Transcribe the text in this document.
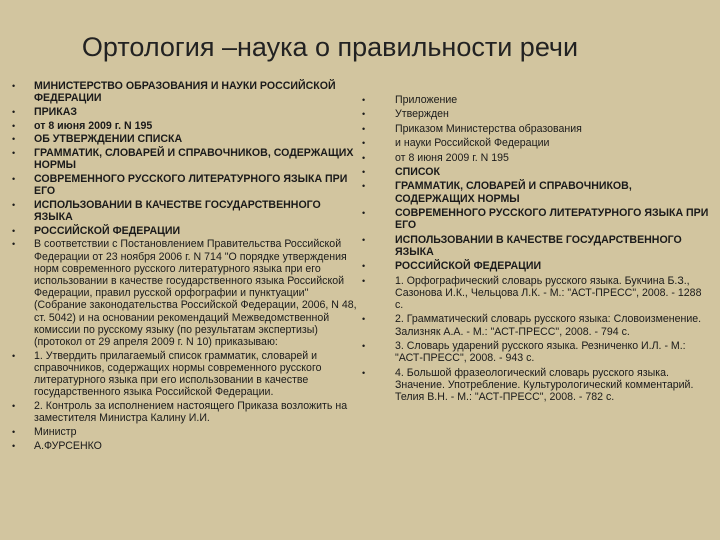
Ортология –наука о правильности речи
• МИНИСТЕРСТВО ОБРАЗОВАНИЯ И НАУКИ РОССИЙСКОЙ ФЕДЕРАЦИИ
• ПРИКАЗ
• от 8 июня 2009 г. N 195
• ОБ УТВЕРЖДЕНИИ СПИСКА
• ГРАММАТИК, СЛОВАРЕЙ И СПРАВОЧНИКОВ, СОДЕРЖАЩИХ НОРМЫ
• СОВРЕМЕННОГО РУССКОГО ЛИТЕРАТУРНОГО ЯЗЫКА ПРИ ЕГО
• ИСПОЛЬЗОВАНИИ В КАЧЕСТВЕ ГОСУДАРСТВЕННОГО ЯЗЫКА
• РОССИЙСКОЙ ФЕДЕРАЦИИ
• В соответствии с Постановлением Правительства Российской Федерации от 23 ноября 2006 г. N 714 "О порядке утверждения норм современного русского литературного языка при его использовании в качестве государственного языка Российской Федерации, правил русской орфографии и пунктуации" (Собрание законодательства Российской Федерации, 2006, N 48, ст. 5042) и на основании рекомендаций Межведомственной комиссии по русскому языку (по результатам экспертизы) (протокол от 29 апреля 2009 г. N 10) приказываю:
• 1. Утвердить прилагаемый список грамматик, словарей и справочников, содержащих нормы современного русского литературного языка при его использовании в качестве государственного языка Российской Федерации.
• 2. Контроль за исполнением настоящего Приказа возложить на заместителя Министра Калину И.И.
• Министр
• А.ФУРСЕНКО
•	Приложение
•	Утвержден
•	Приказом Министерства образования
•	и науки Российской Федерации
•	от 8 июня 2009 г. N 195
•	СПИСОК
•	ГРАММАТИК, СЛОВАРЕЙ И СПРАВОЧНИКОВ, СОДЕРЖАЩИХ НОРМЫ
•	СОВРЕМЕННОГО РУССКОГО ЛИТЕРАТУРНОГО ЯЗЫКА ПРИ ЕГО
•	ИСПОЛЬЗОВАНИИ В КАЧЕСТВЕ ГОСУДАРСТВЕННОГО ЯЗЫКА
•	РОССИЙСКОЙ ФЕДЕРАЦИИ
•	1. Орфографический словарь русского языка. Букчина Б.З., Сазонова И.К., Чельцова Л.К. - М.: "АСТ-ПРЕСС", 2008. - 1288 с.
•	2. Грамматический словарь русского языка: Словоизменение. Зализняк А.А. - М.: "АСТ-ПРЕСС", 2008. - 794 с.
•	3. Словарь ударений русского языка. Резниченко И.Л. - М.: "АСТ-ПРЕСС", 2008. - 943 с.
•	4. Большой фразеологический словарь русского языка. Значение. Употребление. Культурологический комментарий. Телия В.Н. - М.: "АСТ-ПРЕСС", 2008. - 782 с.
